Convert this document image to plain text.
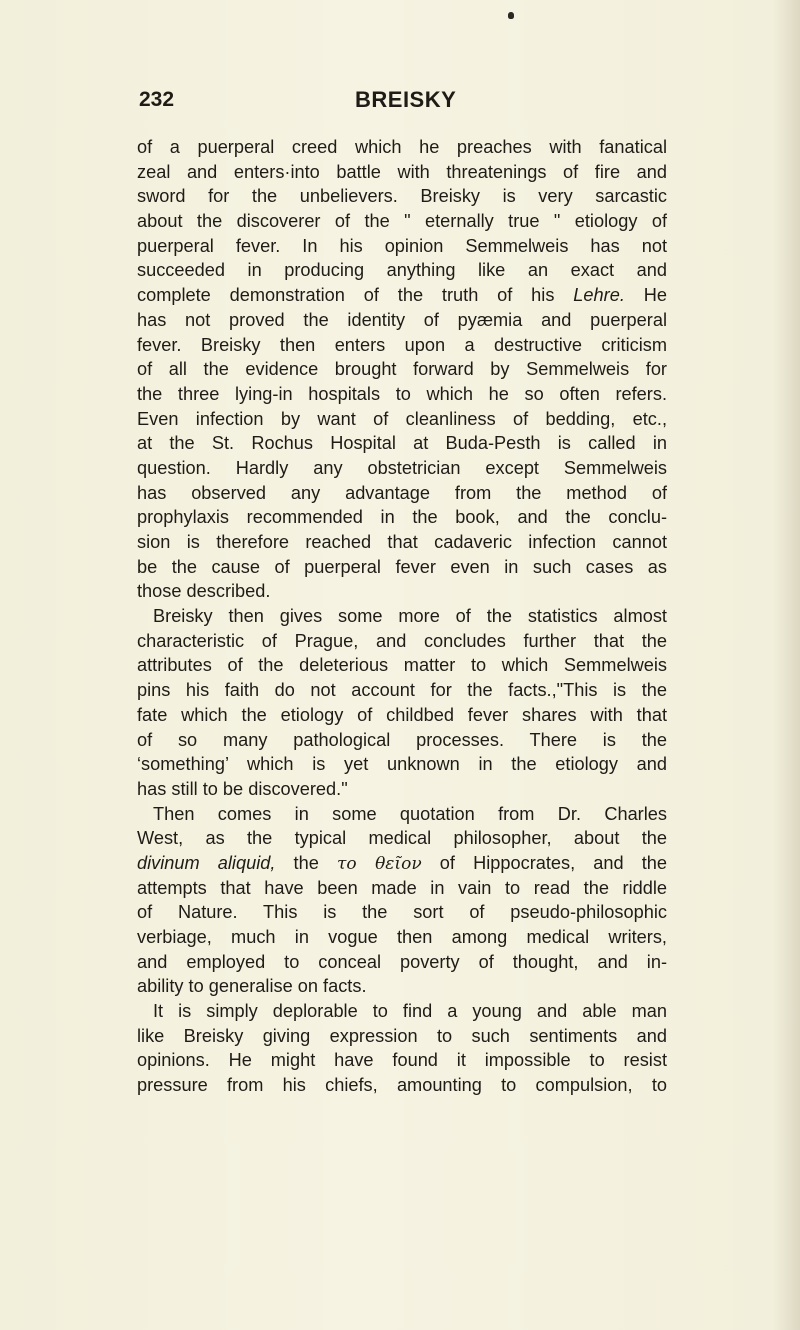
232	BREISKY
of a puerperal creed which he preaches with fanatical
zeal and enters·into battle with threatenings of fire and
sword for the unbelievers. Breisky is very sarcastic
about the discoverer of the " eternally true " etiology of
puerperal fever. In his opinion Semmelweis has not
succeeded in producing anything like an exact and
complete demonstration of the truth of his Lehre. He
has not proved the identity of pyæmia and puerperal
fever. Breisky then enters upon a destructive criticism
of all the evidence brought forward by Semmelweis for
the three lying-in hospitals to which he so often refers.
Even infection by want of cleanliness of bedding, etc.,
at the St. Rochus Hospital at Buda-Pesth is called in
question. Hardly any obstetrician except Semmelweis
has observed any advantage from the method of
prophylaxis recommended in the book, and the conclu-
sion is therefore reached that cadaveric infection cannot
be the cause of puerperal fever even in such cases as
those described.
Breisky then gives some more of the statistics almost
characteristic of Prague, and concludes further that the
attributes of the deleterious matter to which Semmelweis
pins his faith do not account for the facts.,"This is the
fate which the etiology of childbed fever shares with that
of so many pathological processes. There is the
‘something’ which is yet unknown in the etiology and
has still to be discovered."
Then comes in some quotation from Dr. Charles
West, as the typical medical philosopher, about the
divinum aliquid, the το θεῖον of Hippocrates, and the
attempts that have been made in vain to read the riddle
of Nature. This is the sort of pseudo-philosophic
verbiage, much in vogue then among medical writers,
and employed to conceal poverty of thought, and in-
ability to generalise on facts.
It is simply deplorable to find a young and able man
like Breisky giving expression to such sentiments and
opinions. He might have found it impossible to resist
pressure from his chiefs, amounting to compulsion, to
